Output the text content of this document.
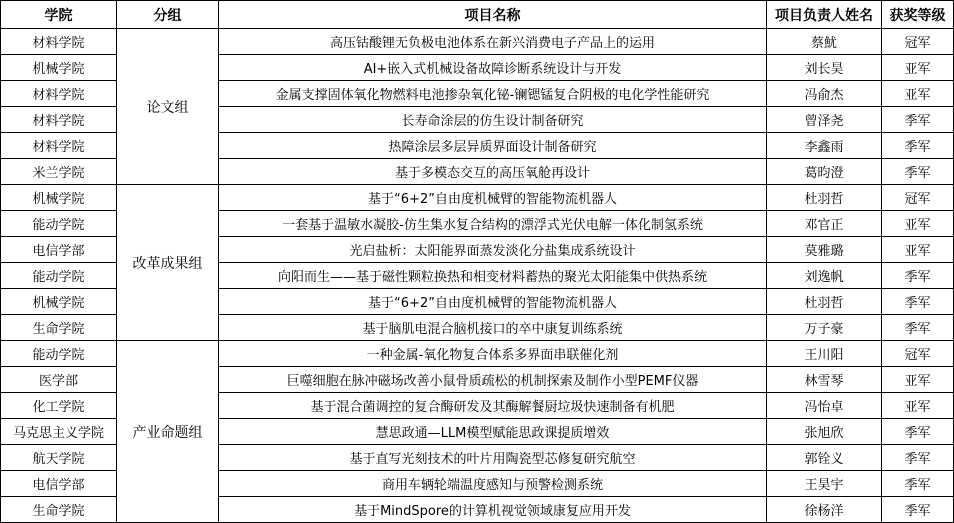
学院	分组	项目名称	项目负责人姓名	获奖等级
材料学院	论文组	高压钴酸锂无负极电池体系在新兴消费电子产品上的运用	蔡魷	冠军
机械学院		AI+嵌入式机械设备故障诊断系统设计与开发	刘长昊	亚军
材料学院		金属支撑固体氧化物燃料电池掺杂氧化铋-镧锶锰复合阴极的电化学性能研究	冯俞杰	亚军
材料学院		长寿命涂层的仿生设计制备研究	曾泽尧	季军
材料学院		热障涂层多层异质界面设计制备研究	李鑫雨	季军
米兰学院		基于多模态交互的高压氧舱再设计	葛昀澄	季军
机械学院	改革成果组	基于“6+2”自由度机械臂的智能物流机器人	杜羽哲	冠军
能动学院		一套基于温敏水凝胶-仿生集水复合结构的漂浮式光伏电解一体化制氢系统	邓官正	亚军
电信学部		光启盐析：太阳能界面蒸发淡化分盐集成系统设计	莫雅璐	亚军
能动学院		向阳而生——基于磁性颗粒换热和相变材料蓄热的聚光太阳能集中供热系统	刘逸帆	季军
机械学院		基于“6+2”自由度机械臂的智能物流机器人	杜羽哲	季军
生命学院		基于脑肌电混合脑机接口的卒中康复训练系统	万子豪	季军
能动学院	产业命题组	一种金属-氧化物复合体系多界面串联催化剂	王川阳	冠军
医学部		巨噬细胞在脉冲磁场改善小鼠骨质疏松的机制探索及制作小型PEMF仪器	林雪琴	亚军
化工学院		基于混合菌调控的复合酶研发及其酶解餐厨垃圾快速制备有机肥	冯怡卓	亚军
马克思主义学院		慧思政通—LLM模型赋能思政课提质增效	张旭欣	季军
航天学院		基于直写光刻技术的叶片用陶瓷型芯修复研究航空	郭铨义	季军
电信学部		商用车辆轮端温度感知与预警检测系统	王昊宇	季军
生命学院		基于MindSpore的计算机视觉领域康复应用开发	徐杨洋	季军
